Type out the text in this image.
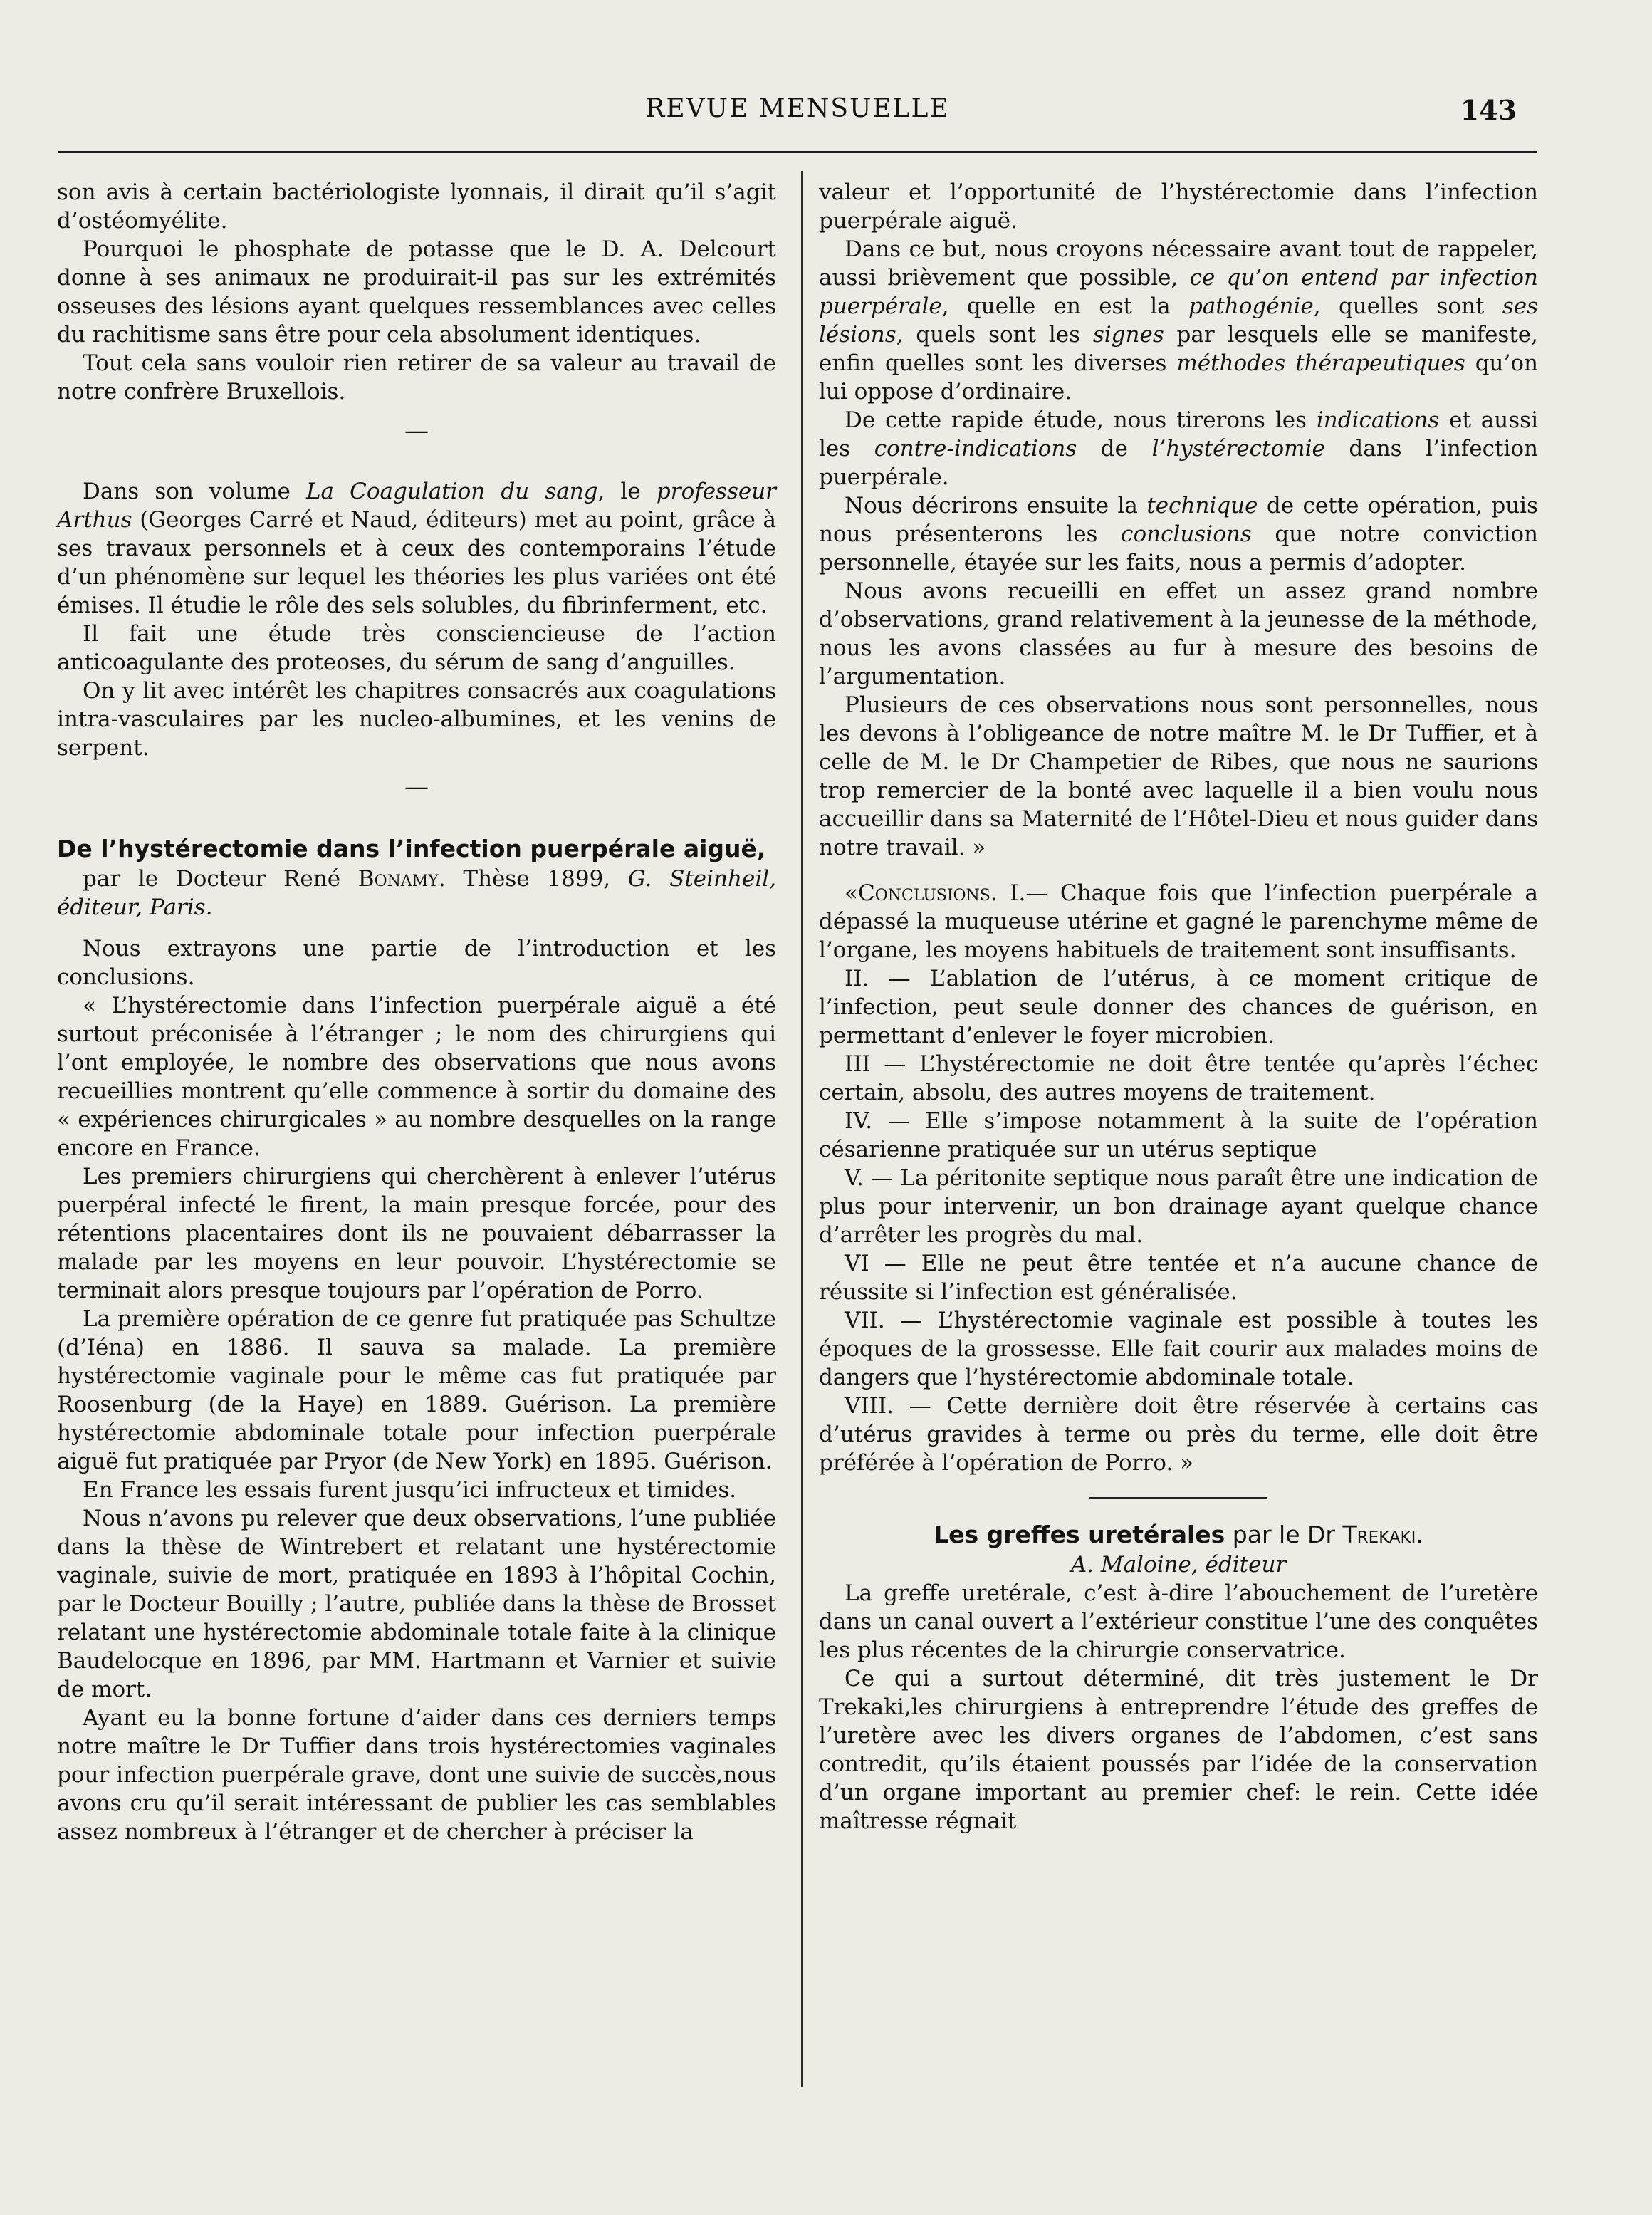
REVUE MENSUELLE	143

son avis à certain bactériologiste lyonnais, il dirait qu’il s’agit d’ostéomyélite.

Pourquoi le phosphate de potasse que le D. A. Delcourt donne à ses animaux ne produirait-il pas sur les extrémités osseuses des lésions ayant quelques ressemblances avec celles du rachitisme sans être pour cela absolument identiques.

Tout cela sans vouloir rien retirer de sa valeur au travail de notre confrère Bruxellois.

—

Dans son volume La Coagulation du sang, le professeur Arthus (Georges Carré et Naud, éditeurs) met au point, grâce à ses travaux personnels et à ceux des contemporains l’étude d’un phénomène sur lequel les théories les plus variées ont été émises. Il étudie le rôle des sels solubles, du fibrinferment, etc.

Il fait une étude très consciencieuse de l’action anticoagulante des proteoses, du sérum de sang d’anguilles.

On y lit avec intérêt les chapitres consacrés aux coagulations intra-vasculaires par les nucleo-albumines, et les venins de serpent.

—

De l’hystérectomie dans l’infection puerpérale aiguë,

par le Docteur René Bonamy. Thèse 1899, G. Steinheil, éditeur, Paris.

Nous extrayons une partie de l’introduction et les conclusions.

« L’hystérectomie dans l’infection puerpérale aiguë a été surtout préconisée à l’étranger ; le nom des chirurgiens qui l’ont employée, le nombre des observations que nous avons recueillies montrent qu’elle commence à sortir du domaine des « expériences chirurgicales » au nombre desquelles on la range encore en France.

Les premiers chirurgiens qui cherchèrent à enlever l’utérus puerpéral infecté le firent, la main presque forcée, pour des rétentions placentaires dont ils ne pouvaient débarrasser la malade par les moyens en leur pouvoir. L’hystérectomie se terminait alors presque toujours par l’opération de Porro.

La première opération de ce genre fut pratiquée pas Schultze (d’Iéna) en 1886. Il sauva sa malade. La première hystérectomie vaginale pour le même cas fut pratiquée par Roosenburg (de la Haye) en 1889. Guérison. La première hystérectomie abdominale totale pour infection puerpérale aiguë fut pratiquée par Pryor (de New York) en 1895. Guérison.

En France les essais furent jusqu’ici infructeux et timides.

Nous n’avons pu relever que deux observations, l’une publiée dans la thèse de Wintrebert et relatant une hystérectomie vaginale, suivie de mort, pratiquée en 1893 à l’hôpital Cochin, par le Docteur Bouilly ; l’autre, publiée dans la thèse de Brosset relatant une hystérectomie abdominale totale faite à la clinique Baudelocque en 1896, par MM. Hartmann et Varnier et suivie de mort.

Ayant eu la bonne fortune d’aider dans ces derniers temps notre maître le Dr Tuffier dans trois hystérectomies vaginales pour infection puerpérale grave, dont une suivie de succès,nous avons cru qu’il serait intéressant de publier les cas semblables assez nombreux à l’étranger et de chercher à préciser la

valeur et l’opportunité de l’hystérectomie dans l’infection puerpérale aiguë.

Dans ce but, nous croyons nécessaire avant tout de rappeler, aussi brièvement que possible, ce qu’on entend par infection puerpérale, quelle en est la pathogénie, quelles sont ses lésions, quels sont les signes par lesquels elle se manifeste, enfin quelles sont les diverses méthodes thérapeutiques qu’on lui oppose d’ordinaire.

De cette rapide étude, nous tirerons les indications et aussi les contre-indications de l’hystérectomie dans l’infection puerpérale.

Nous décrirons ensuite la technique de cette opération, puis nous présenterons les conclusions que notre conviction personnelle, étayée sur les faits, nous a permis d’adopter.

Nous avons recueilli en effet un assez grand nombre d’observations, grand relativement à la jeunesse de la méthode, nous les avons classées au fur à mesure des besoins de l’argumentation.

Plusieurs de ces observations nous sont personnelles, nous les devons à l’obligeance de notre maître M. le Dr Tuffier, et à celle de M. le Dr Champetier de Ribes, que nous ne saurions trop remercier de la bonté avec laquelle il a bien voulu nous accueillir dans sa Maternité de l’Hôtel-Dieu et nous guider dans notre travail. »

«Conclusions. I.— Chaque fois que l’infection puerpérale a dépassé la muqueuse utérine et gagné le parenchyme même de l’organe, les moyens habituels de traitement sont insuffisants.

II. — L’ablation de l’utérus, à ce moment critique de l’infection, peut seule donner des chances de guérison, en permettant d’enlever le foyer microbien.

III — L’hystérectomie ne doit être tentée qu’après l’échec certain, absolu, des autres moyens de traitement.

IV. — Elle s’impose notamment à la suite de l’opération césarienne pratiquée sur un utérus septique

V. — La péritonite septique nous paraît être une indication de plus pour intervenir, un bon drainage ayant quelque chance d’arrêter les progrès du mal.

VI — Elle ne peut être tentée et n’a aucune chance de réussite si l’infection est généralisée.

VII. — L’hystérectomie vaginale est possible à toutes les époques de la grossesse. Elle fait courir aux malades moins de dangers que l’hystérectomie abdominale totale.

VIII. — Cette dernière doit être réservée à certains cas d’utérus gravides à terme ou près du terme, elle doit être préférée à l’opération de Porro. »

Les greffes uretérales par le Dr Trekaki.

A. Maloine, éditeur

La greffe uretérale, c’est à-dire l’abouchement de l’uretère dans un canal ouvert a l’extérieur constitue l’une des conquêtes les plus récentes de la chirurgie conservatrice.

Ce qui a surtout déterminé, dit très justement le Dr Trekaki,les chirurgiens à entreprendre l’étude des greffes de l’uretère avec les divers organes de l’abdomen, c’est sans contredit, qu’ils étaient poussés par l’idée de la conservation d’un organe important au premier chef: le rein. Cette idée maîtresse régnait
